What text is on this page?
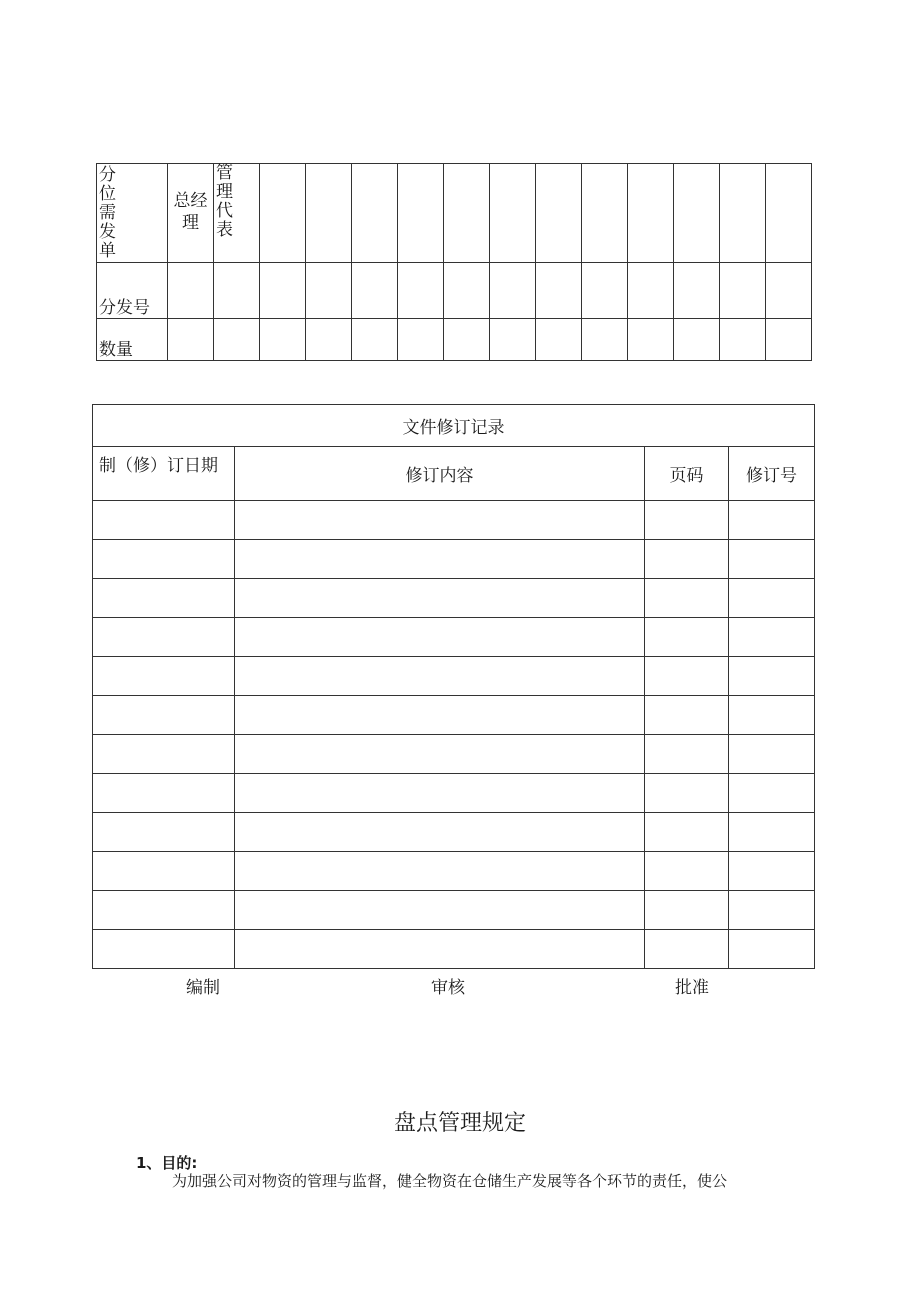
分位需发单	总经理	管理代表												

分发号														

数量														

文件修订记录			
制（修）订日期	修订内容	页码	修订号

编制	审核	批准
盘点管理规定
1、目的:
为加强公司对物资的管理与监督，健全物资在仓储生产发展等各个环节的责任，使公
